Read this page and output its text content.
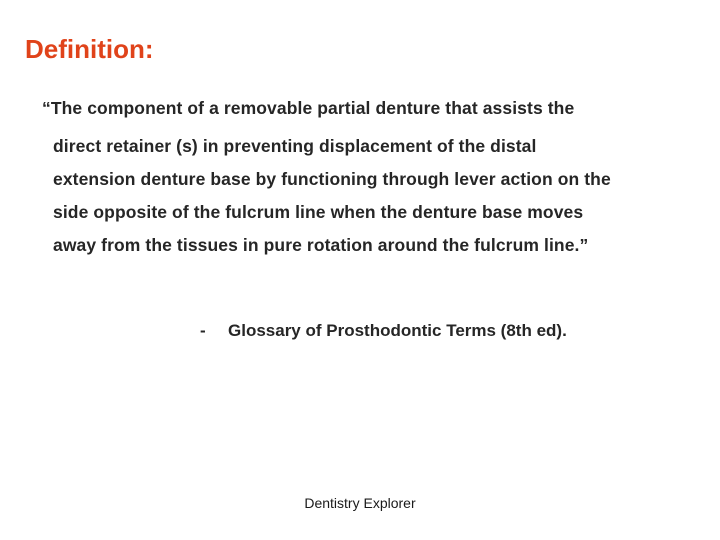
Definition:
“The component of a removable partial denture that assists the
direct retainer (s) in preventing displacement of the distal
extension denture base by functioning through lever action on the
side opposite of the fulcrum line when the denture base moves
away from the tissues in pure rotation around the fulcrum line.”
- Glossary of Prosthodontic Terms (8th ed).
Dentistry Explorer
